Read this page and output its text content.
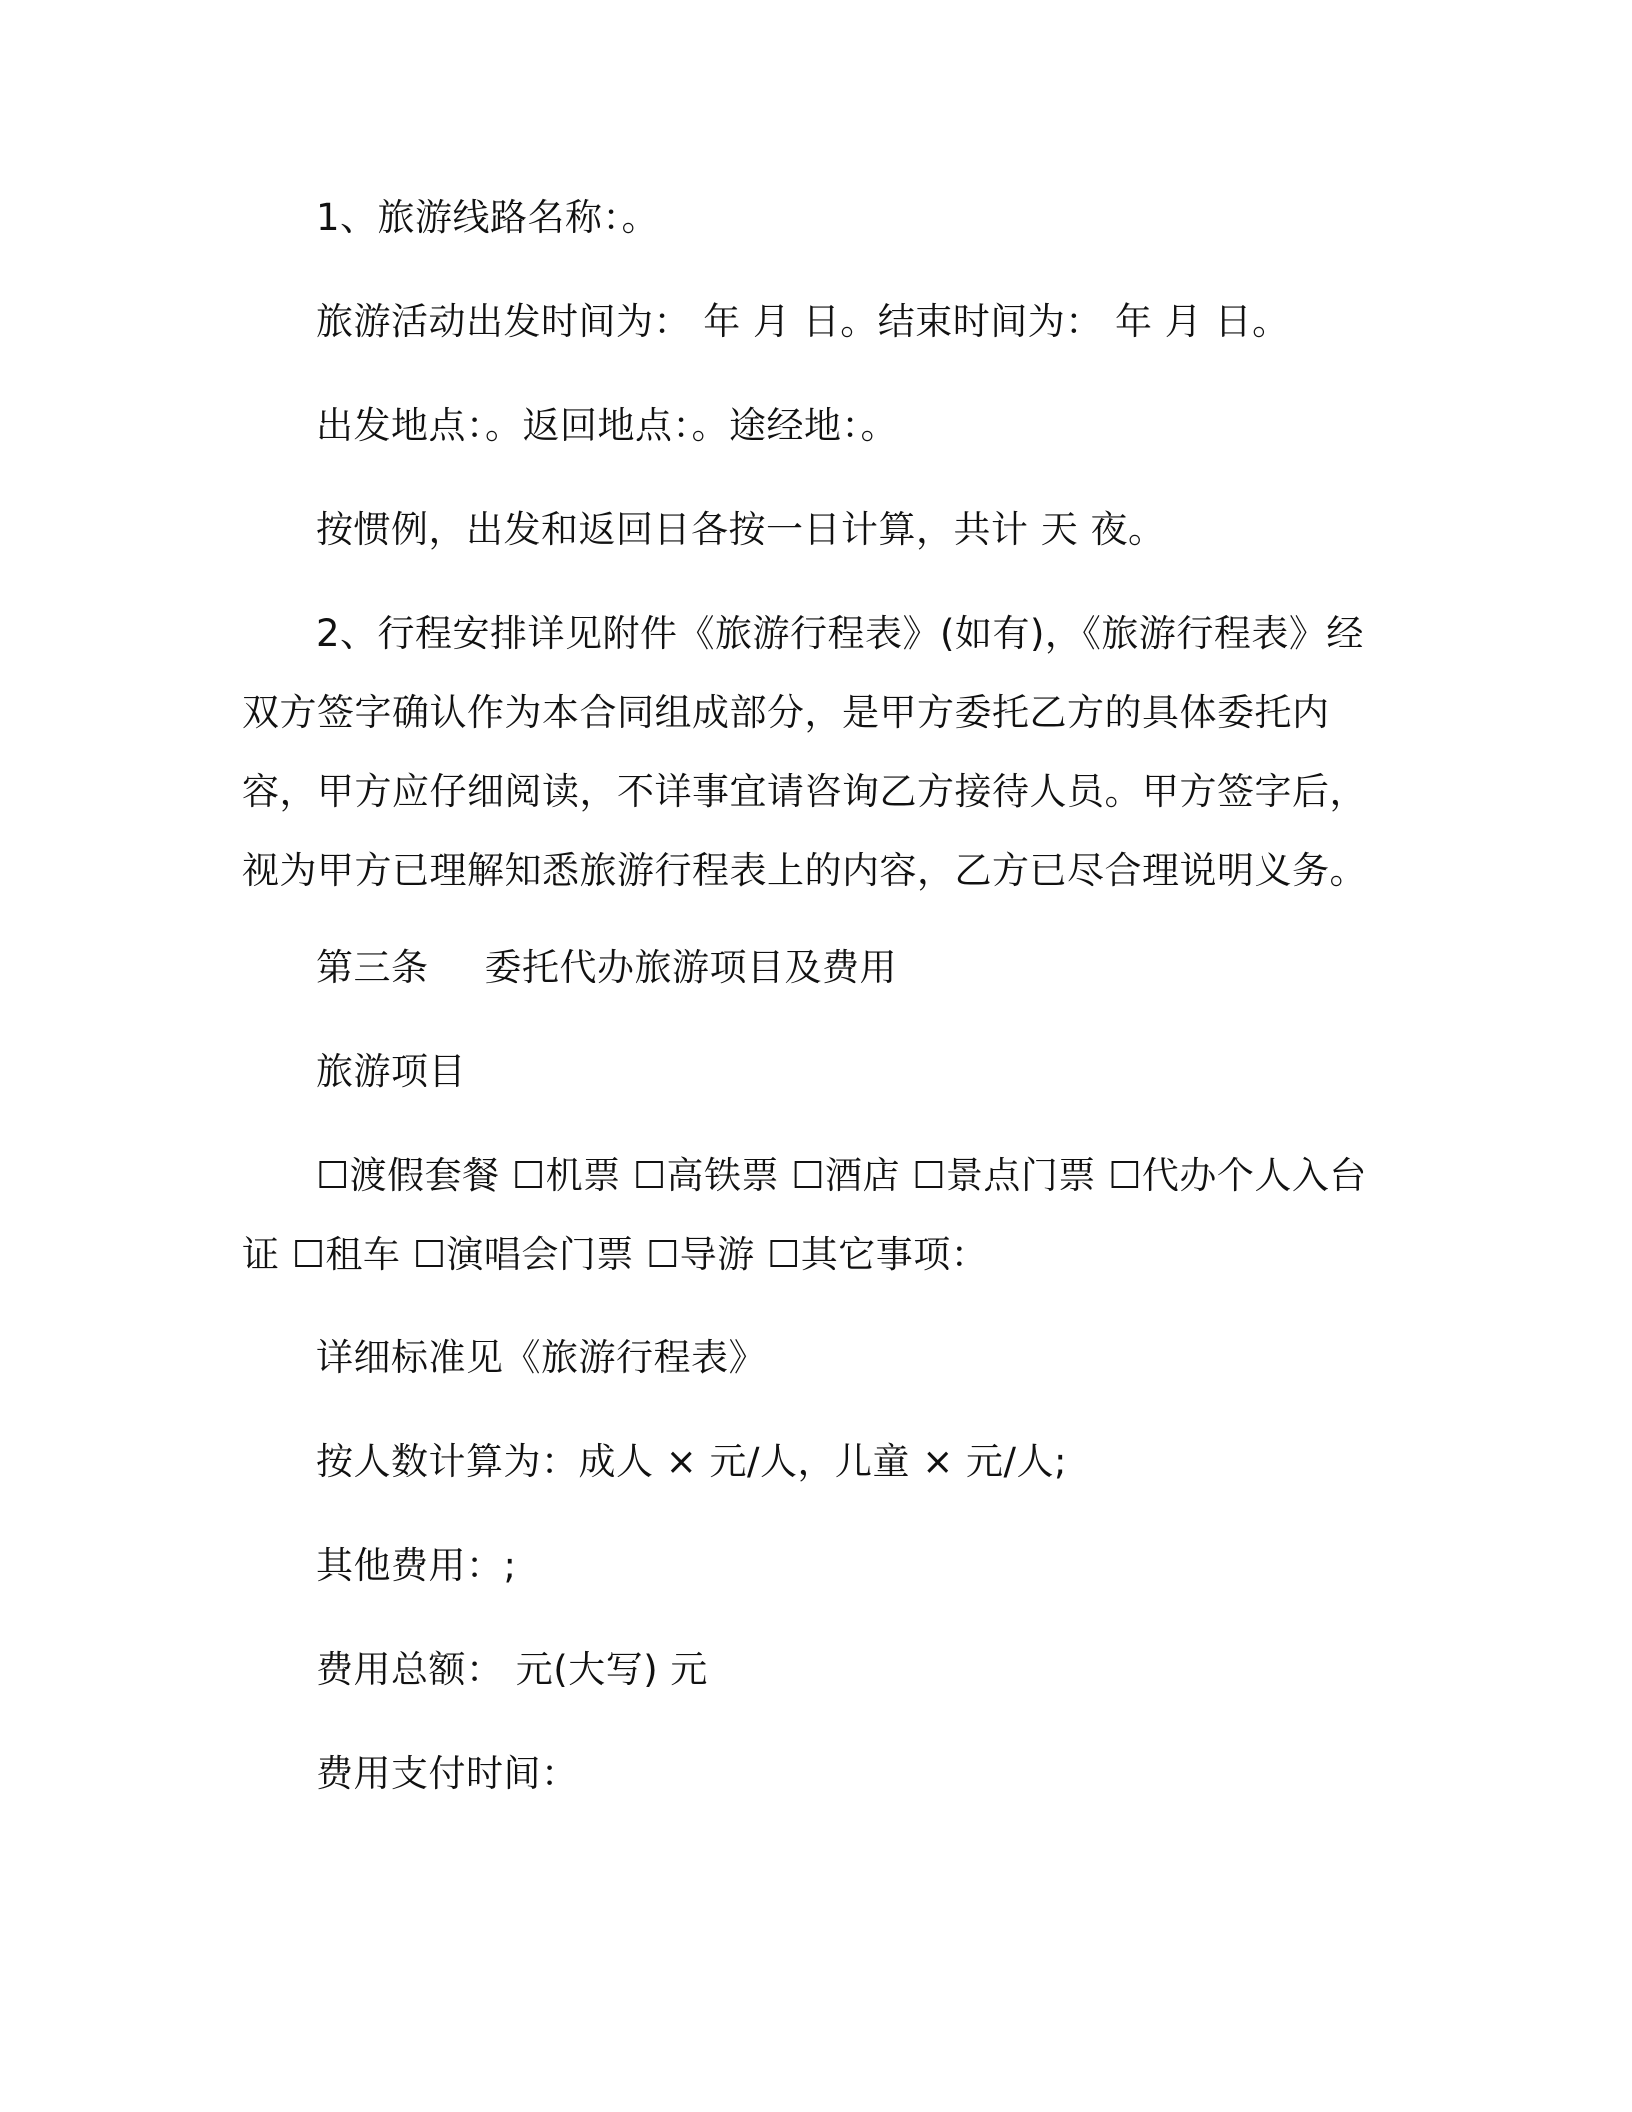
1、旅游线路名称：。
旅游活动出发时间为： 年 月 日。结束时间为： 年 月 日。
出发地点：。返回地点：。途经地：。
按惯例，出发和返回日各按一日计算，共计 天 夜。
2、行程安排详见附件《旅游行程表》(如有)，《旅游行程表》经双方签字确认作为本合同组成部分，是甲方委托乙方的具体委托内容，甲方应仔细阅读，不详事宜请咨询乙方接待人员。甲方签字后，视为甲方已理解知悉旅游行程表上的内容，乙方已尽合理说明义务。
第三条 委托代办旅游项目及费用
旅游项目
☐渡假套餐 ☐机票 ☐高铁票 ☐酒店 ☐景点门票 ☐代办个人入台证 ☐租车 ☐演唱会门票 ☐导游 ☐其它事项：
详细标准见《旅游行程表》
按人数计算为：成人 × 元/人，儿童 × 元/人;
其他费用：;
费用总额： 元(大写) 元
费用支付时间：
